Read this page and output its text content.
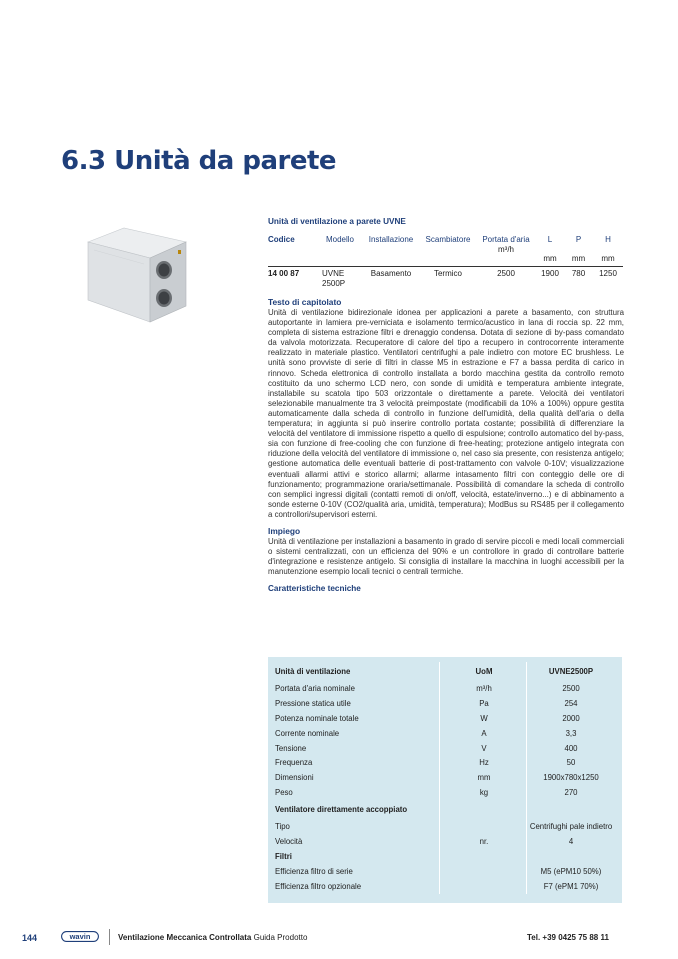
6.3 Unità da parete
Unità di ventilazione a parete UVNE
Codice	Modello	Installazione	Scambiatore	Portata d'aria	L	P	H

				m³/h	mm	mm	mm
14 00 87	UVNE 2500P	Basamento	Termico	2500	1900	780	1250
Testo di capitolato
Unità di ventilazione bidirezionale idonea per applicazioni a parete a basamento, con struttura autoportante in lamiera pre-verniciata e isolamento termico/acustico in lana di roccia sp. 22 mm, completa di sistema estrazione filtri e drenaggio condensa. Dotata di sezione di by-pass comandato da valvola motorizzata. Recuperatore di calore del tipo a recupero in controcorrente interamente realizzato in materiale plastico. Ventilatori centrifughi a pale indietro con motore EC brushless. Le unità sono provviste di serie di filtri in classe M5 in estrazione e F7 a bassa perdita di carico in rinnovo. Scheda elettronica di controllo installata a bordo macchina gestita da controllo remoto costituito da uno schermo LCD nero, con sonde di umidità e temperatura ambiente integrate, installabile su scatola tipo 503 orizzontale o direttamente a parete. Velocità dei ventilatori selezionabile manualmente tra 3 velocità preimpostate (modificabili da 10% a 100%) oppure gestita automaticamente dalla scheda di controllo in funzione dell'umidità, della qualità dell'aria o della temperatura; in aggiunta si può inserire controllo portata costante; possibilità di differenziare la velocità del ventilatore di immissione rispetto a quello di espulsione; controllo automatico del by-pass, sia con funzione di free-cooling che con funzione di free-heating; protezione antigelo integrata con riduzione della velocità del ventilatore di immissione o, nel caso sia presente, con resistenza antigelo; gestione automatica delle eventuali batterie di post-trattamento con valvole 0-10V; visualizzazione eventuali allarmi attivi e storico allarmi; allarme intasamento filtri con conteggio delle ore di funzionamento; programmazione oraria/settimanale. Possibilità di comandare la scheda di controllo con semplici ingressi digitali (contatti remoti di on/off, velocità, estate/inverno...) e di abbinamento a sonde esterne 0-10V (CO2/qualità aria, umidità, temperatura); ModBus su RS485 per il collegamento a controllori/supervisori esterni.
Impiego
Unità di ventilazione per installazioni a basamento in grado di servire piccoli e medi locali commerciali o sistemi centralizzati, con un efficienza del 90% e un controllore in grado di controllare batterie d'integrazione e resistenze antigelo. Si consiglia di installare la macchina in luoghi accessibili per la manutenzione esempio locali tecnici o centrali termiche.
Caratteristiche tecniche
Unità di ventilazione	UoM	UVNE2500P
Portata d'aria nominale	m³/h	2500
Pressione statica utile	Pa	254
Potenza nominale totale	W	2000
Corrente nominale	A	3,3
Tensione	V	400
Frequenza	Hz	50
Dimensioni	mm	1900x780x1250
Peso	kg	270
Ventilatore direttamente accoppiato		
Tipo		Centrifughi pale indietro
Velocità	nr.	4
Filtri		
Efficienza filtro di serie		M5 (ePM10 50%)
Efficienza filtro opzionale		F7 (ePM1 70%)
144	wavin	Ventilazione Meccanica Controllata Guida Prodotto	Tel. +39 0425 75 88 11
